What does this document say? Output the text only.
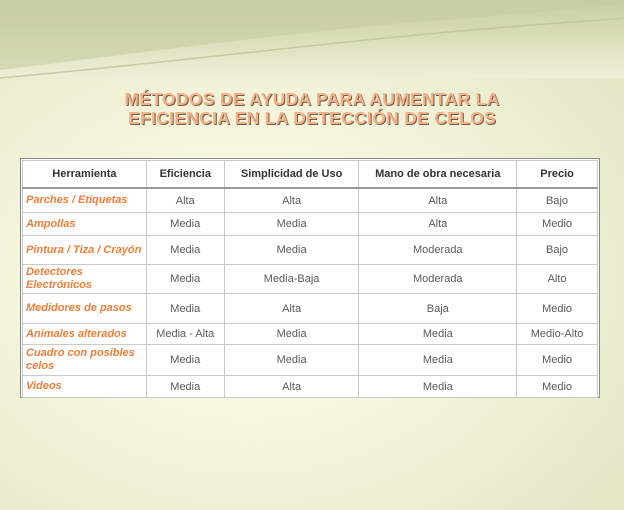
MÉTODOS DE AYUDA PARA AUMENTAR LA
EFICIENCIA EN LA DETECCIÓN DE CELOS
Herramienta	Eficiencia	Simplicidad de Uso	Mano de obra necesaria	Precio
Parches / Etiquetas	Alta	Alta	Alta	Bajo
Ampollas	Media	Media	Alta	Medio
Pintura / Tiza / Crayón	Media	Media	Moderada	Bajo
Detectores Electrónicos	Media	Media-Baja	Moderada	Alto
Medidores de pasos	Media	Alta	Baja	Medio
Animales alterados	Media - Alta	Media	Media	Medio-Alto
Cuadro con posibles celos	Media	Media	Media	Medio
Videos	Media	Alta	Media	Medio
